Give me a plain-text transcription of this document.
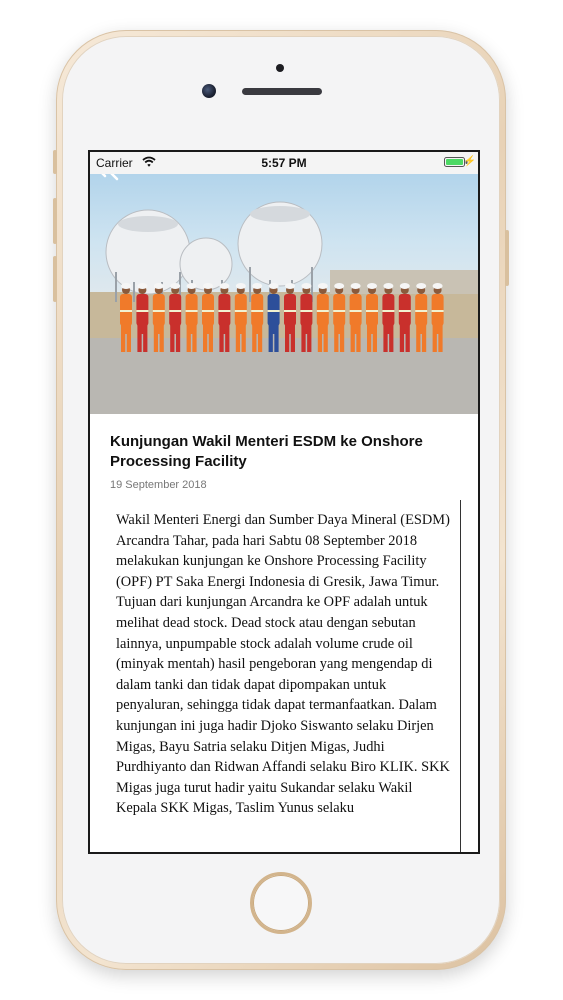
Carrier	5:57 PM	⚡
Kunjungan Wakil Menteri ESDM ke Onshore Processing Facility
19 September 2018
Wakil Menteri Energi dan Sumber Daya Mineral (ESDM) Arcandra Tahar, pada hari Sabtu 08 September 2018 melakukan kunjungan ke Onshore Processing Facility (OPF) PT Saka Energi Indonesia di Gresik, Jawa Timur. Tujuan dari kunjungan Arcandra ke OPF adalah untuk melihat dead stock. Dead stock atau dengan sebutan lainnya, unpumpable stock adalah volume crude oil (minyak mentah) hasil pengeboran yang mengendap di dalam tanki dan tidak dapat dipompakan untuk penyaluran, sehingga tidak dapat termanfaatkan. Dalam kunjungan ini juga hadir Djoko Siswanto selaku Dirjen Migas, Bayu Satria selaku Ditjen Migas, Judhi Purdhiyanto dan Ridwan Affandi selaku Biro KLIK. SKK Migas juga turut hadir yaitu Sukandar selaku Wakil Kepala SKK Migas, Taslim Yunus selaku
